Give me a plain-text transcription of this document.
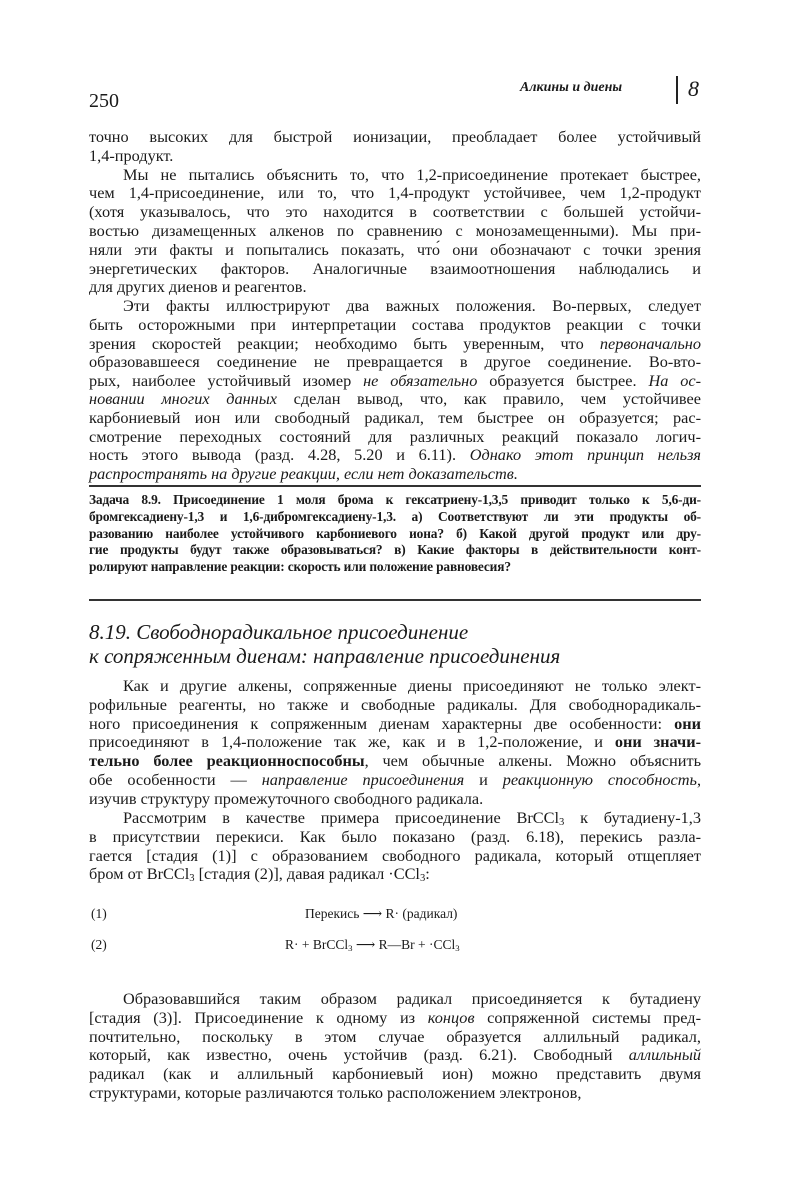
250
Алкины и диены	8
точно высоких для быстрой ионизации, преобладает более устойчивый
1,4-продукт.
Мы не пытались объяснить то, что 1,2-присоединение протекает быстрее,
чем 1,4-присоединение, или то, что 1,4-продукт устойчивее, чем 1,2-продукт
(хотя указывалось, что это находится в соответствии с большей устойчи-
востью дизамещенных алкенов по сравнению с монозамещенными). Мы при-
няли эти факты и попытались показать, что́ они обозначают с точки зрения
энергетических факторов. Аналогичные взаимоотношения наблюдались и
для других диенов и реагентов.
Эти факты иллюстрируют два важных положения. Во-первых, следует
быть осторожными при интерпретации состава продуктов реакции с точки
зрения скоростей реакции; необходимо быть уверенным, что первоначально
образовавшееся соединение не превращается в другое соединение. Во-вто-
рых, наиболее устойчивый изомер не обязательно образуется быстрее. На ос-
новании многих данных сделан вывод, что, как правило, чем устойчивее
карбониевый ион или свободный радикал, тем быстрее он образуется; рас-
смотрение переходных состояний для различных реакций показало логич-
ность этого вывода (разд. 4.28, 5.20 и 6.11). Однако этот принцип нельзя
распространять на другие реакции, если нет доказательств.
Задача 8.9. Присоединение 1 моля брома к гексатриену-1,3,5 приводит только к 5,6-ди-
бромгексадиену-1,3 и 1,6-дибромгексадиену-1,3. а) Соответствуют ли эти продукты об-
разованию наиболее устойчивого карбониевого иона? б) Какой другой продукт или дру-
гие продукты будут также образовываться? в) Какие факторы в действительности конт-
ролируют направление реакции: скорость или положение равновесия?
8.19. Свободнорадикальное присоединение
к сопряженным диенам: направление присоединения
Как и другие алкены, сопряженные диены присоединяют не только элект-
рофильные реагенты, но также и свободные радикалы. Для свободнорадикаль-
ного присоединения к сопряженным диенам характерны две особенности: они
присоединяют в 1,4-положение так же, как и в 1,2-положение, и они значи-
тельно более реакционноспособны, чем обычные алкены. Можно объяснить
обе особенности — направление присоединения и реакционную способность,
изучив структуру промежуточного свободного радикала.
Рассмотрим в качестве примера присоединение BrCCl$_3$ к бутадиену-1,3
в присутствии перекиси. Как было показано (разд. 6.18), перекись разла-
гается [стадия (1)] с образованием свободного радикала, который отщепляет
бром от BrCCl$_3$ [стадия (2)], давая радикал ·CCl$_3$:
(1)	Перекись ⟶ R· (радикал)
(2)	R· + BrCCl$_3$ ⟶ R—Br + ·CCl$_3$
Образовавшийся таким образом радикал присоединяется к бутадиену
[стадия (3)]. Присоединение к одному из концов сопряженной системы пред-
почтительно, поскольку в этом случае образуется аллильный радикал,
который, как известно, очень устойчив (разд. 6.21). Свободный аллильный
радикал (как и аллильный карбониевый ион) можно представить двумя
структурами, которые различаются только расположением электронов,
